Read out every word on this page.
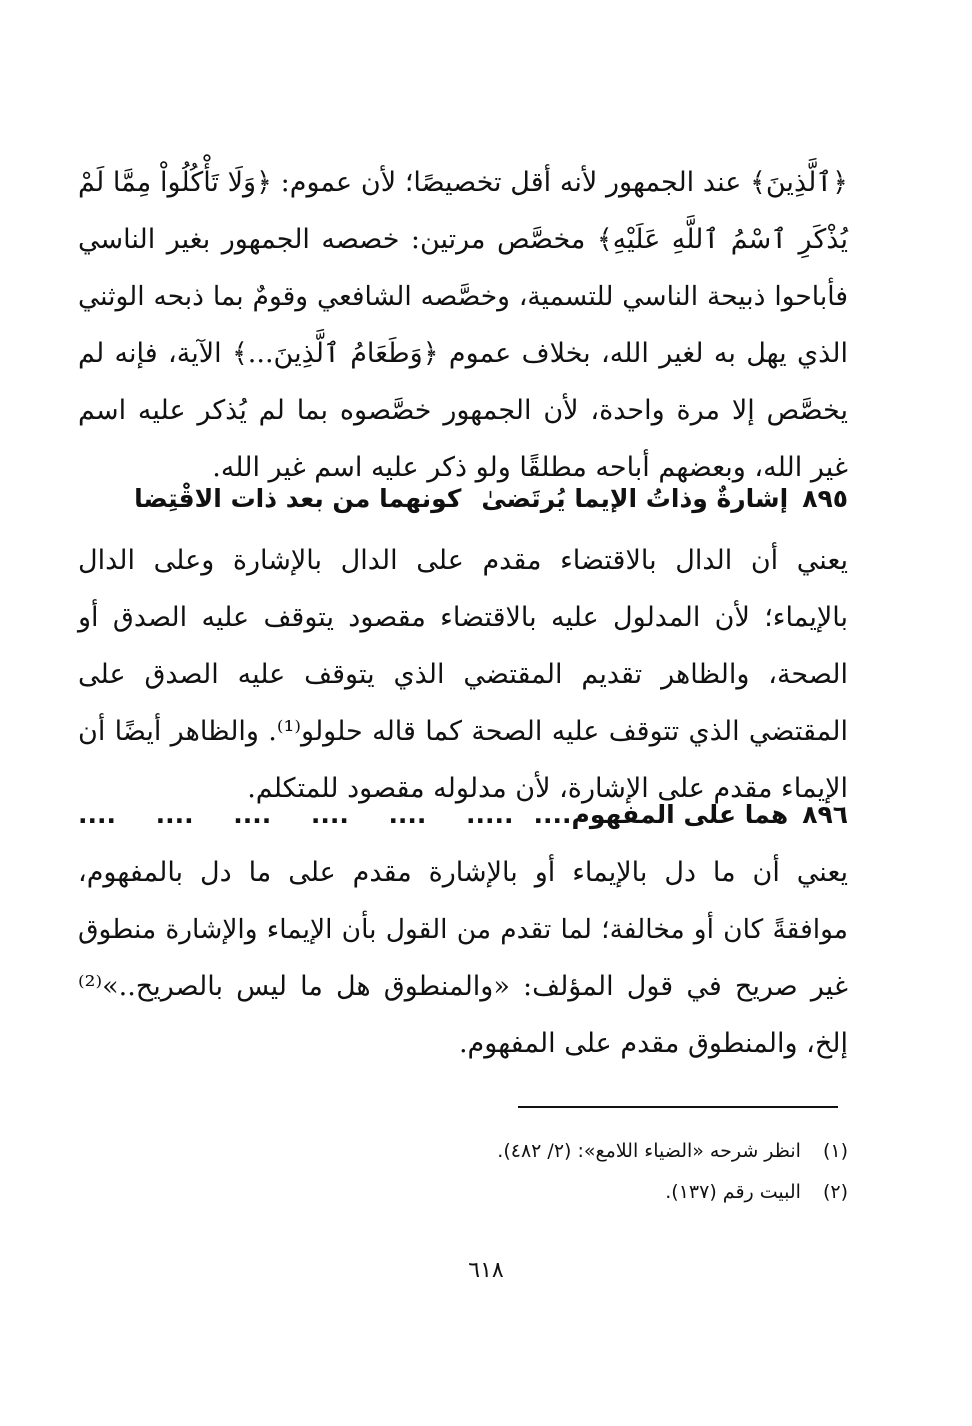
﴿ٱلَّذِينَ﴾ عند الجمهور لأنه أقل تخصيصًا؛ لأن عموم: ﴿وَلَا تَأْكُلُواْ مِمَّا لَمْ
يُذْكَرِ ٱسْمُ ٱللَّهِ عَلَيْهِ﴾ مخصَّص مرتين: خصصه الجمهور بغير الناسي
فأباحوا ذبيحة الناسي للتسمية، وخصَّصه الشافعي وقومٌ بما ذبحه الوثني
الذي يهل به لغير الله، بخلاف عموم ﴿وَطَعَامُ ٱلَّذِينَ...﴾ الآية، فإنه لم
يخصَّص إلا مرة واحدة، لأن الجمهور خصَّصوه بما لم يُذكر عليه اسم
غير الله، وبعضهم أباحه مطلقًا ولو ذكر عليه اسم غير الله.
٨٩٥
إشارةٌ وذاتُ الإيما يُرتَضىٰ
كونهما من بعد ذات الاقْتِضا
يعني أن الدال بالاقتضاء مقدم على الدال بالإشارة وعلى الدال
بالإيماء؛ لأن المدلول عليه بالاقتضاء مقصود يتوقف عليه الصدق أو
الصحة، والظاهر تقديم المقتضي الذي يتوقف عليه الصدق على
المقتضي الذي تتوقف عليه الصحة كما قاله حلولو⁽¹⁾. والظاهر أيضًا أن
الإيماء مقدم على الإشارة، لأن مدلوله مقصود للمتكلم.
٨٩٦
هما على المفهوم....
.....
....
....
....
....
....
يعني أن ما دل بالإيماء أو بالإشارة مقدم على ما دل بالمفهوم،
موافقةً كان أو مخالفة؛ لما تقدم من القول بأن الإيماء والإشارة منطوق
غير صريح في قول المؤلف: «والمنطوق هل ما ليس بالصريح..»⁽²⁾
إلخ، والمنطوق مقدم على المفهوم.
(١)انظر شرحه «الضياء اللامع»: (٢/ ٤٨٢).
(٢)البيت رقم (١٣٧).
٦١٨
